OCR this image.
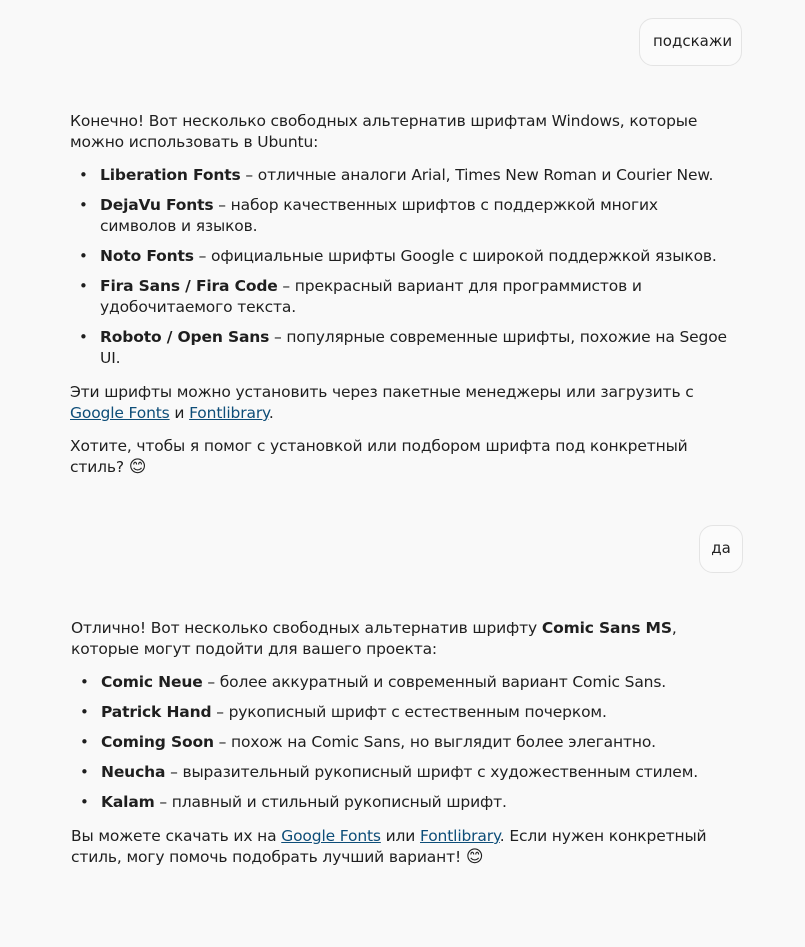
подскажи

Конечно! Вот несколько свободных альтернатив шрифтам Windows, которые можно использовать в Ubuntu:

• Liberation Fonts – отличные аналоги Arial, Times New Roman и Courier New.
• DejaVu Fonts – набор качественных шрифтов с поддержкой многих символов и языков.
• Noto Fonts – официальные шрифты Google с широкой поддержкой языков.
• Fira Sans / Fira Code – прекрасный вариант для программистов и удобочитаемого текста.
• Roboto / Open Sans – популярные современные шрифты, похожие на Segoe UI.

Эти шрифты можно установить через пакетные менеджеры или загрузить с Google Fonts и Fontlibrary.

Хотите, чтобы я помог с установкой или подбором шрифта под конкретный стиль? 😊

да

Отлично! Вот несколько свободных альтернатив шрифту Comic Sans MS, которые могут подойти для вашего проекта:

• Comic Neue – более аккуратный и современный вариант Comic Sans.
• Patrick Hand – рукописный шрифт с естественным почерком.
• Coming Soon – похож на Comic Sans, но выглядит более элегантно.
• Neucha – выразительный рукописный шрифт с художественным стилем.
• Kalam – плавный и стильный рукописный шрифт.

Вы можете скачать их на Google Fonts или Fontlibrary. Если нужен конкретный стиль, могу помочь подобрать лучший вариант! 😊
